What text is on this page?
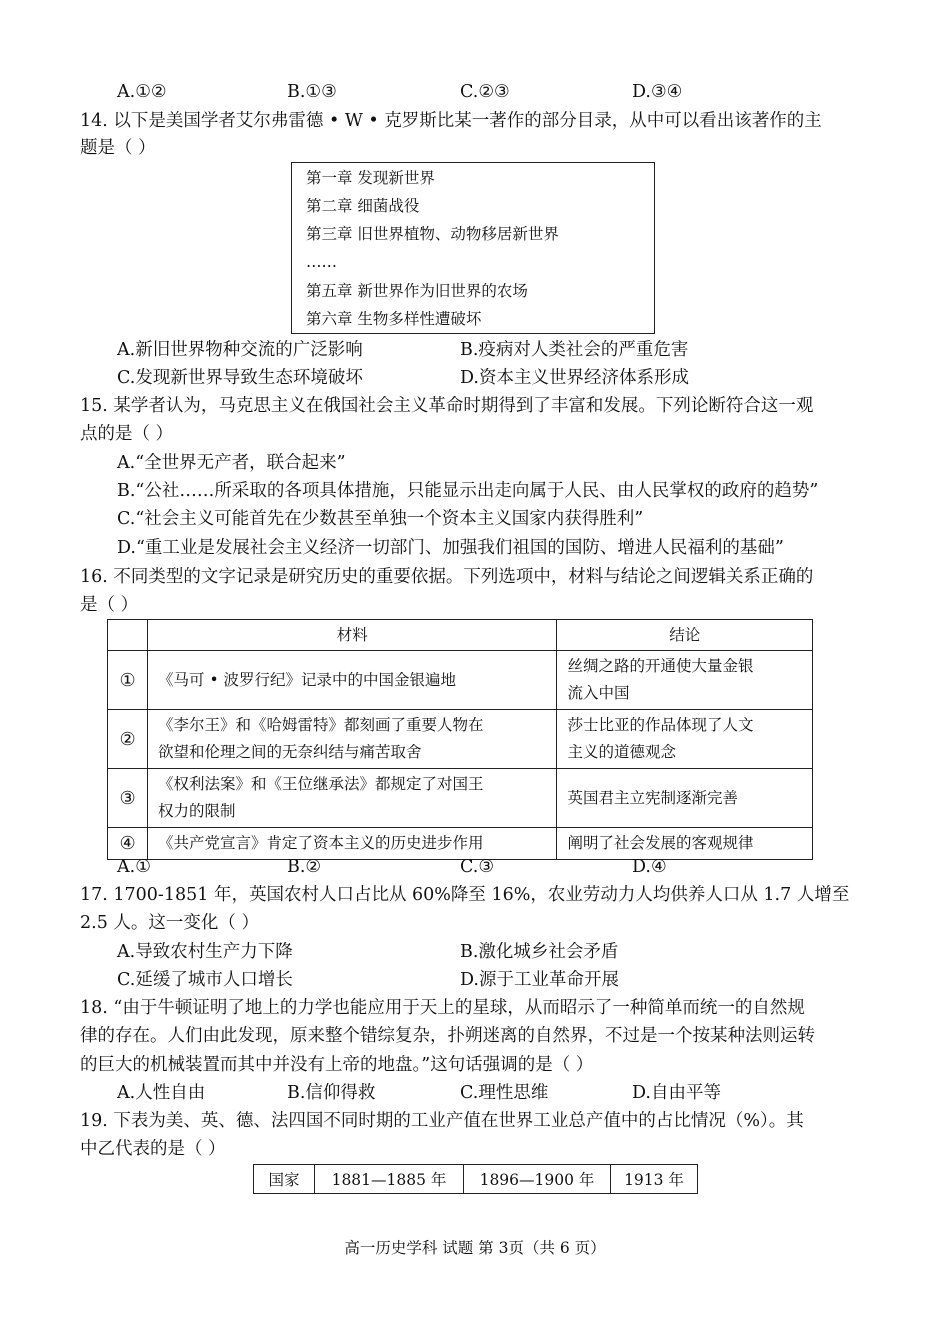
A.①②	B.①③	C.②③	D.③④
14. 以下是美国学者艾尔弗雷德 • W • 克罗斯比某一著作的部分目录，从中可以看出该著作的主
题是（ ）
第一章 发现新世界
第二章 细菌战役
第三章 旧世界植物、动物移居新世界
……
第五章 新世界作为旧世界的农场
第六章 生物多样性遭破坏
A.新旧世界物种交流的广泛影响	B.疫病对人类社会的严重危害
C.发现新世界导致生态环境破坏	D.资本主义世界经济体系形成
15. 某学者认为，马克思主义在俄国社会主义革命时期得到了丰富和发展。下列论断符合这一观
点的是（ ）
A.“全世界无产者，联合起来”
B.“公社……所采取的各项具体措施，只能显示出走向属于人民、由人民掌权的政府的趋势”
C.“社会主义可能首先在少数甚至单独一个资本主义国家内获得胜利”
D.“重工业是发展社会主义经济一切部门、加强我们祖国的国防、增进人民福利的基础”
16. 不同类型的文字记录是研究历史的重要依据。下列选项中，材料与结论之间逻辑关系正确的
是（ ）
	材料	结论
①	《马可 • 波罗行纪》记录中的中国金银遍地	丝绸之路的开通使大量金银
流入中国
②	《李尔王》和《哈姆雷特》都刻画了重要人物在
欲望和伦理之间的无奈纠结与痛苦取舍	莎士比亚的作品体现了人文
主义的道德观念
③	《权利法案》和《王位继承法》都规定了对国王
权力的限制	英国君主立宪制逐渐完善
④	《共产党宣言》肯定了资本主义的历史进步作用	阐明了社会发展的客观规律
A.①	B.②	C.③	D.④
17. 1700-1851 年，英国农村人口占比从 60%降至 16%，农业劳动力人均供养人口从 1.7 人增至
2.5 人。这一变化（ ）
A.导致农村生产力下降	B.激化城乡社会矛盾
C.延缓了城市人口增长	D.源于工业革命开展
18. “由于牛顿证明了地上的力学也能应用于天上的星球，从而昭示了一种简单而统一的自然规
律的存在。人们由此发现，原来整个错综复杂，扑朔迷离的自然界，不过是一个按某种法则运转
的巨大的机械装置而其中并没有上帝的地盘。”这句话强调的是（ ）
A.人性自由	B.信仰得救	C.理性思维	D.自由平等
19. 下表为美、英、德、法四国不同时期的工业产值在世界工业总产值中的占比情况（%）。其
中乙代表的是（ ）
国家	1881—1885 年	1896—1900 年	1913 年
高一历史学科 试题 第 3页（共 6 页）
